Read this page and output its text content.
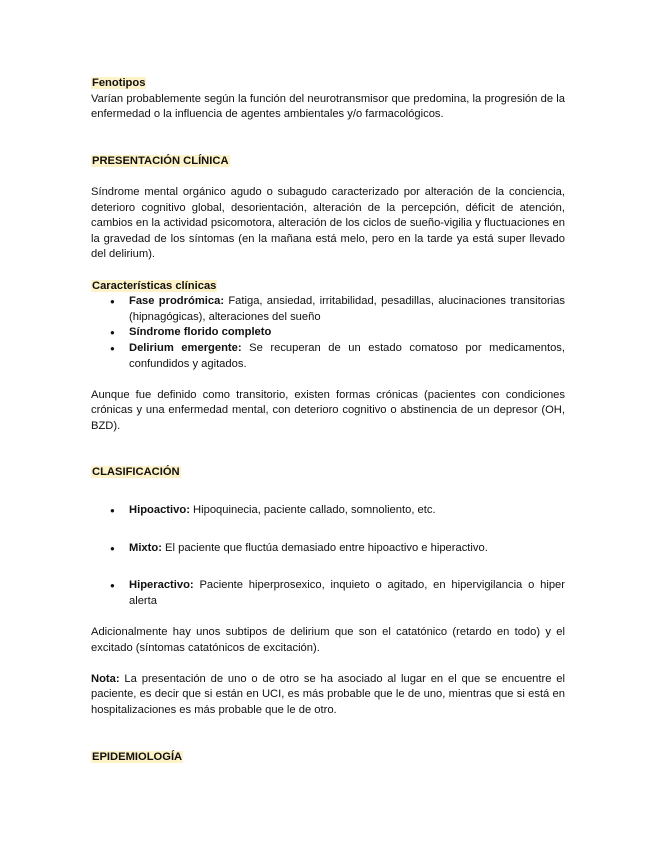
Fenotipos

Varían probablemente según la función del neurotransmisor que predomina, la progresión de la enfermedad o la influencia de agentes ambientales y/o farmacológicos.

PRESENTACIÓN CLÍNICA

Síndrome mental orgánico agudo o subagudo caracterizado por alteración de la conciencia, deterioro cognitivo global, desorientación, alteración de la percepción, déficit de atención, cambios en la actividad psicomotora, alteración de los ciclos de sueño-vigilia y fluctuaciones en la gravedad de los síntomas (en la mañana está melo, pero en la tarde ya está super llevado del delirium).

Características clínicas
● Fase prodrómica: Fatiga, ansiedad, irritabilidad, pesadillas, alucinaciones transitorias (hipnagógicas), alteraciones del sueño
● Síndrome florido completo
● Delirium emergente: Se recuperan de un estado comatoso por medicamentos, confundidos y agitados.

Aunque fue definido como transitorio, existen formas crónicas (pacientes con condiciones crónicas y una enfermedad mental, con deterioro cognitivo o abstinencia de un depresor (OH, BZD).

CLASIFICACIÓN
● Hipoactivo: Hipoquinecia, paciente callado, somnoliento, etc.
● Mixto: El paciente que fluctúa demasiado entre hipoactivo e hiperactivo.
● Hiperactivo: Paciente hiperprosexico, inquieto o agitado, en hipervigilancia o hiper alerta

Adicionalmente hay unos subtipos de delirium que son el catatónico (retardo en todo) y el excitado (síntomas catatónicos de excitación).

Nota: La presentación de uno o de otro se ha asociado al lugar en el que se encuentre el paciente, es decir que si están en UCI, es más probable que le de uno, mientras que si está en hospitalizaciones es más probable que le de otro.

EPIDEMIOLOGÍA
